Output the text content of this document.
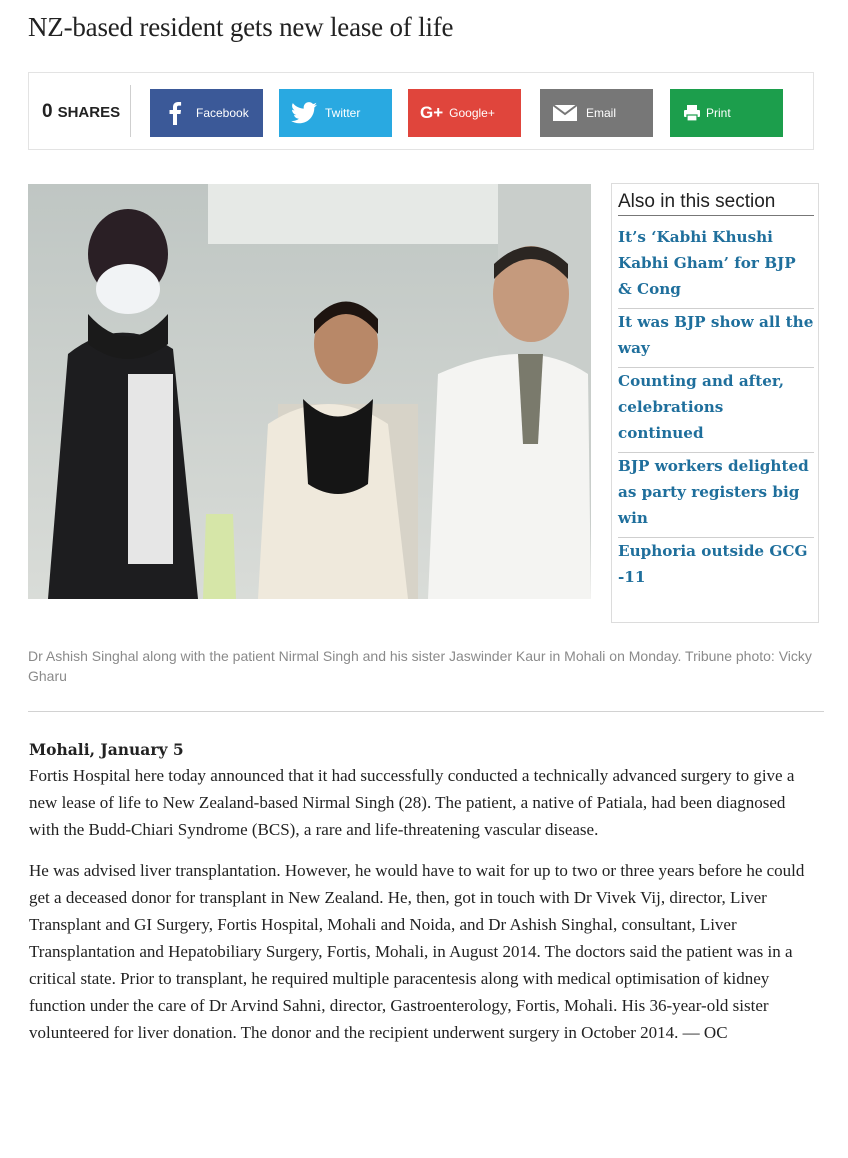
NZ-based resident gets new lease of life
0 SHARES	Facebook	Twitter	G+ Google+	Email	Print

Dr Ashish Singhal along with the patient Nirmal Singh and his sister Jaswinder Kaur in Mohali on Monday. Tribune photo: Vicky Gharu

Also in this section
It’s ‘Kabhi Khushi Kabhi Gham’ for BJP & Cong
It was BJP show all the way
Counting and after, celebrations continued
BJP workers delighted as party registers big win
Euphoria outside GCG -11
Mohali, January 5

Fortis Hospital here today announced that it had successfully conducted a technically advanced surgery to give a new lease of life to New Zealand-based Nirmal Singh (28). The patient, a native of Patiala, had been diagnosed with the Budd-Chiari Syndrome (BCS), a rare and life-threatening vascular disease.

He was advised liver transplantation. However, he would have to wait for up to two or three years before he could get a deceased donor for transplant in New Zealand. He, then, got in touch with Dr Vivek Vij, director, Liver Transplant and GI Surgery, Fortis Hospital, Mohali and Noida, and Dr Ashish Singhal, consultant, Liver Transplantation and Hepatobiliary Surgery, Fortis, Mohali, in August 2014. The doctors said the patient was in a critical state. Prior to transplant, he required multiple paracentesis along with medical optimisation of kidney function under the care of Dr Arvind Sahni, director, Gastroenterology, Fortis, Mohali. His 36-year-old sister volunteered for liver donation. The donor and the recipient underwent surgery in October 2014. — OC
